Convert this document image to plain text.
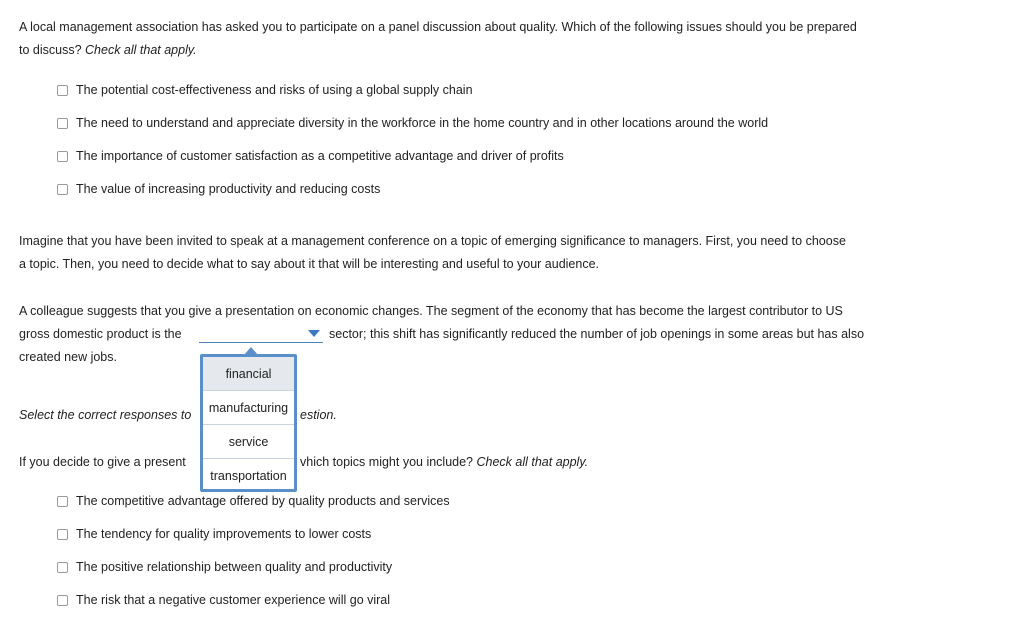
A local management association has asked you to participate on a panel discussion about quality. Which of the following issues should you be prepared
to discuss? Check all that apply.
The potential cost-effectiveness and risks of using a global supply chain
The need to understand and appreciate diversity in the workforce in the home country and in other locations around the world
The importance of customer satisfaction as a competitive advantage and driver of profits
The value of increasing productivity and reducing costs
Imagine that you have been invited to speak at a management conference on a topic of emerging significance to managers. First, you need to choose
a topic. Then, you need to decide what to say about it that will be interesting and useful to your audience.
A colleague suggests that you give a presentation on economic changes. The segment of the economy that has become the largest contributor to US
gross domestic product is the	sector; this shift has significantly reduced the number of job openings in some areas but has also
created new jobs.
Select the correct responses to	estion.
If you decide to give a present	vhich topics might you include? Check all that apply.
The competitive advantage offered by quality products and services
The tendency for quality improvements to lower costs
The positive relationship between quality and productivity
The risk that a negative customer experience will go viral
financial
manufacturing
service
transportation
